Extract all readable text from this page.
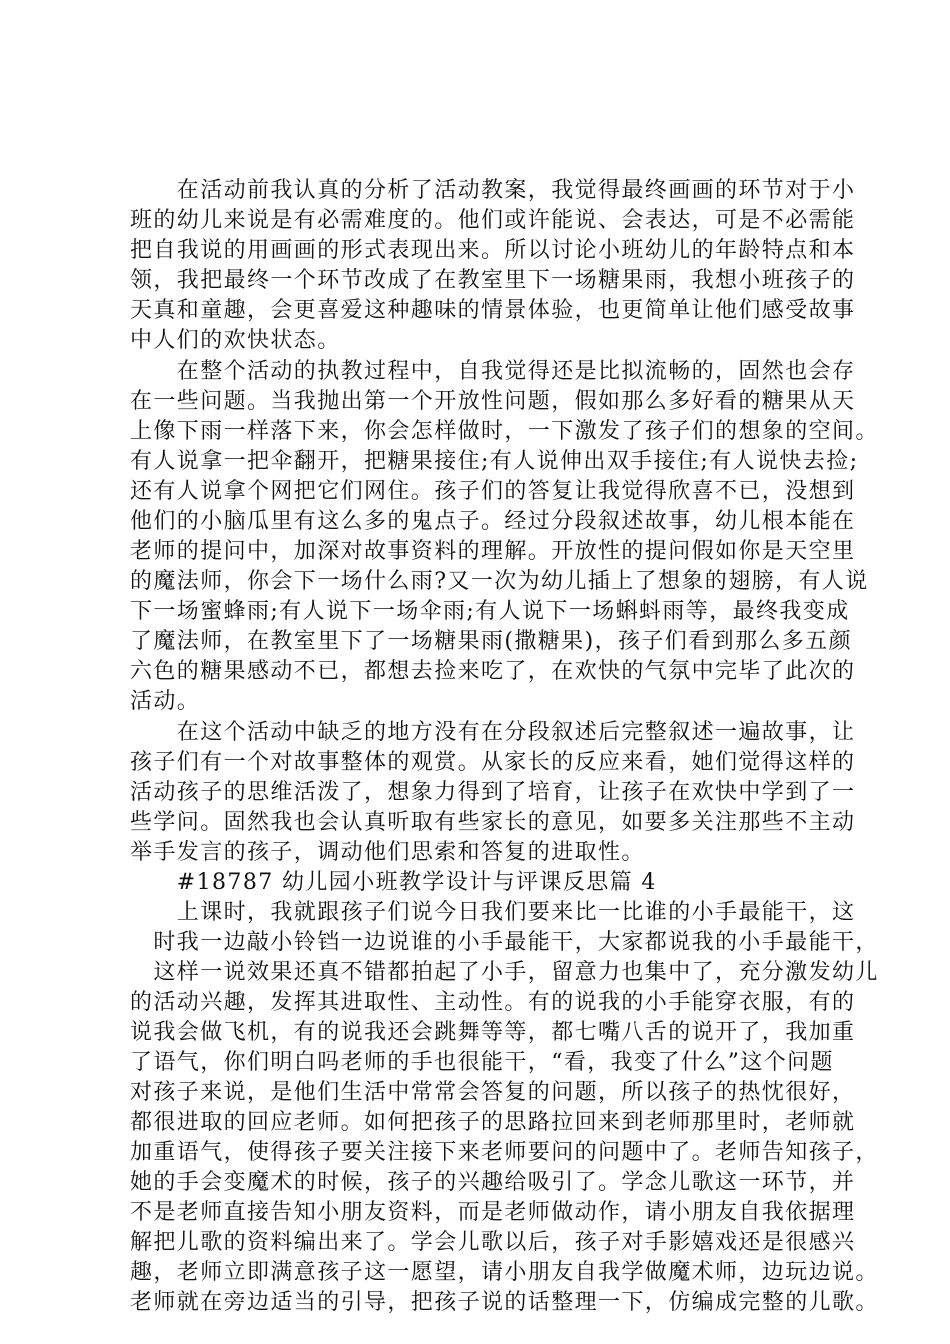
　　在活动前我认真的分析了活动教案，我觉得最终画画的环节对于小
班的幼儿来说是有必需难度的。他们或许能说、会表达，可是不必需能
把自我说的用画画的形式表现出来。所以讨论小班幼儿的年龄特点和本
领，我把最终一个环节改成了在教室里下一场糖果雨，我想小班孩子的
天真和童趣，会更喜爱这种趣味的情景体验，也更简单让他们感受故事
中人们的欢快状态。
　　在整个活动的执教过程中，自我觉得还是比拟流畅的，固然也会存
在一些问题。当我抛出第一个开放性问题，假如那么多好看的糖果从天
上像下雨一样落下来，你会怎样做时，一下激发了孩子们的想象的空间。
有人说拿一把伞翻开，把糖果接住;有人说伸出双手接住;有人说快去捡;
还有人说拿个网把它们网住。孩子们的答复让我觉得欣喜不已，没想到
他们的小脑瓜里有这么多的鬼点子。经过分段叙述故事，幼儿根本能在
老师的提问中，加深对故事资料的理解。开放性的提问假如你是天空里
的魔法师，你会下一场什么雨?又一次为幼儿插上了想象的翅膀，有人说
下一场蜜蜂雨;有人说下一场伞雨;有人说下一场蝌蚪雨等，最终我变成
了魔法师，在教室里下了一场糖果雨(撒糖果)，孩子们看到那么多五颜
六色的糖果感动不已，都想去捡来吃了，在欢快的气氛中完毕了此次的
活动。
　　在这个活动中缺乏的地方没有在分段叙述后完整叙述一遍故事，让
孩子们有一个对故事整体的观赏。从家长的反应来看，她们觉得这样的
活动孩子的思维活泼了，想象力得到了培育，让孩子在欢快中学到了一
些学问。固然我也会认真听取有些家长的意见，如要多关注那些不主动
举手发言的孩子，调动他们思索和答复的进取性。
　　#18787 幼儿园小班教学设计与评课反思篇 4
　　上课时，我就跟孩子们说今日我们要来比一比谁的小手最能干，这
　时我一边敲小铃铛一边说谁的小手最能干，大家都说我的小手最能干，
　这样一说效果还真不错都拍起了小手，留意力也集中了，充分激发幼儿
的活动兴趣，发挥其进取性、主动性。有的说我的小手能穿衣服，有的
说我会做飞机，有的说我还会跳舞等等，都七嘴八舌的说开了，我加重
了语气，你们明白吗老师的手也很能干，“看，我变了什么”这个问题
对孩子来说，是他们生活中常常会答复的问题，所以孩子的热忱很好，
都很进取的回应老师。如何把孩子的思路拉回来到老师那里时，老师就
加重语气，使得孩子要关注接下来老师要问的问题中了。老师告知孩子，
她的手会变魔术的时候，孩子的兴趣给吸引了。学念儿歌这一环节，并
不是老师直接告知小朋友资料，而是老师做动作，请小朋友自我依据理
解把儿歌的资料编出来了。学会儿歌以后，孩子对手影嬉戏还是很感兴
趣，老师立即满意孩子这一愿望，请小朋友自我学做魔术师，边玩边说。
老师就在旁边适当的引导，把孩子说的话整理一下，仿编成完整的儿歌。
